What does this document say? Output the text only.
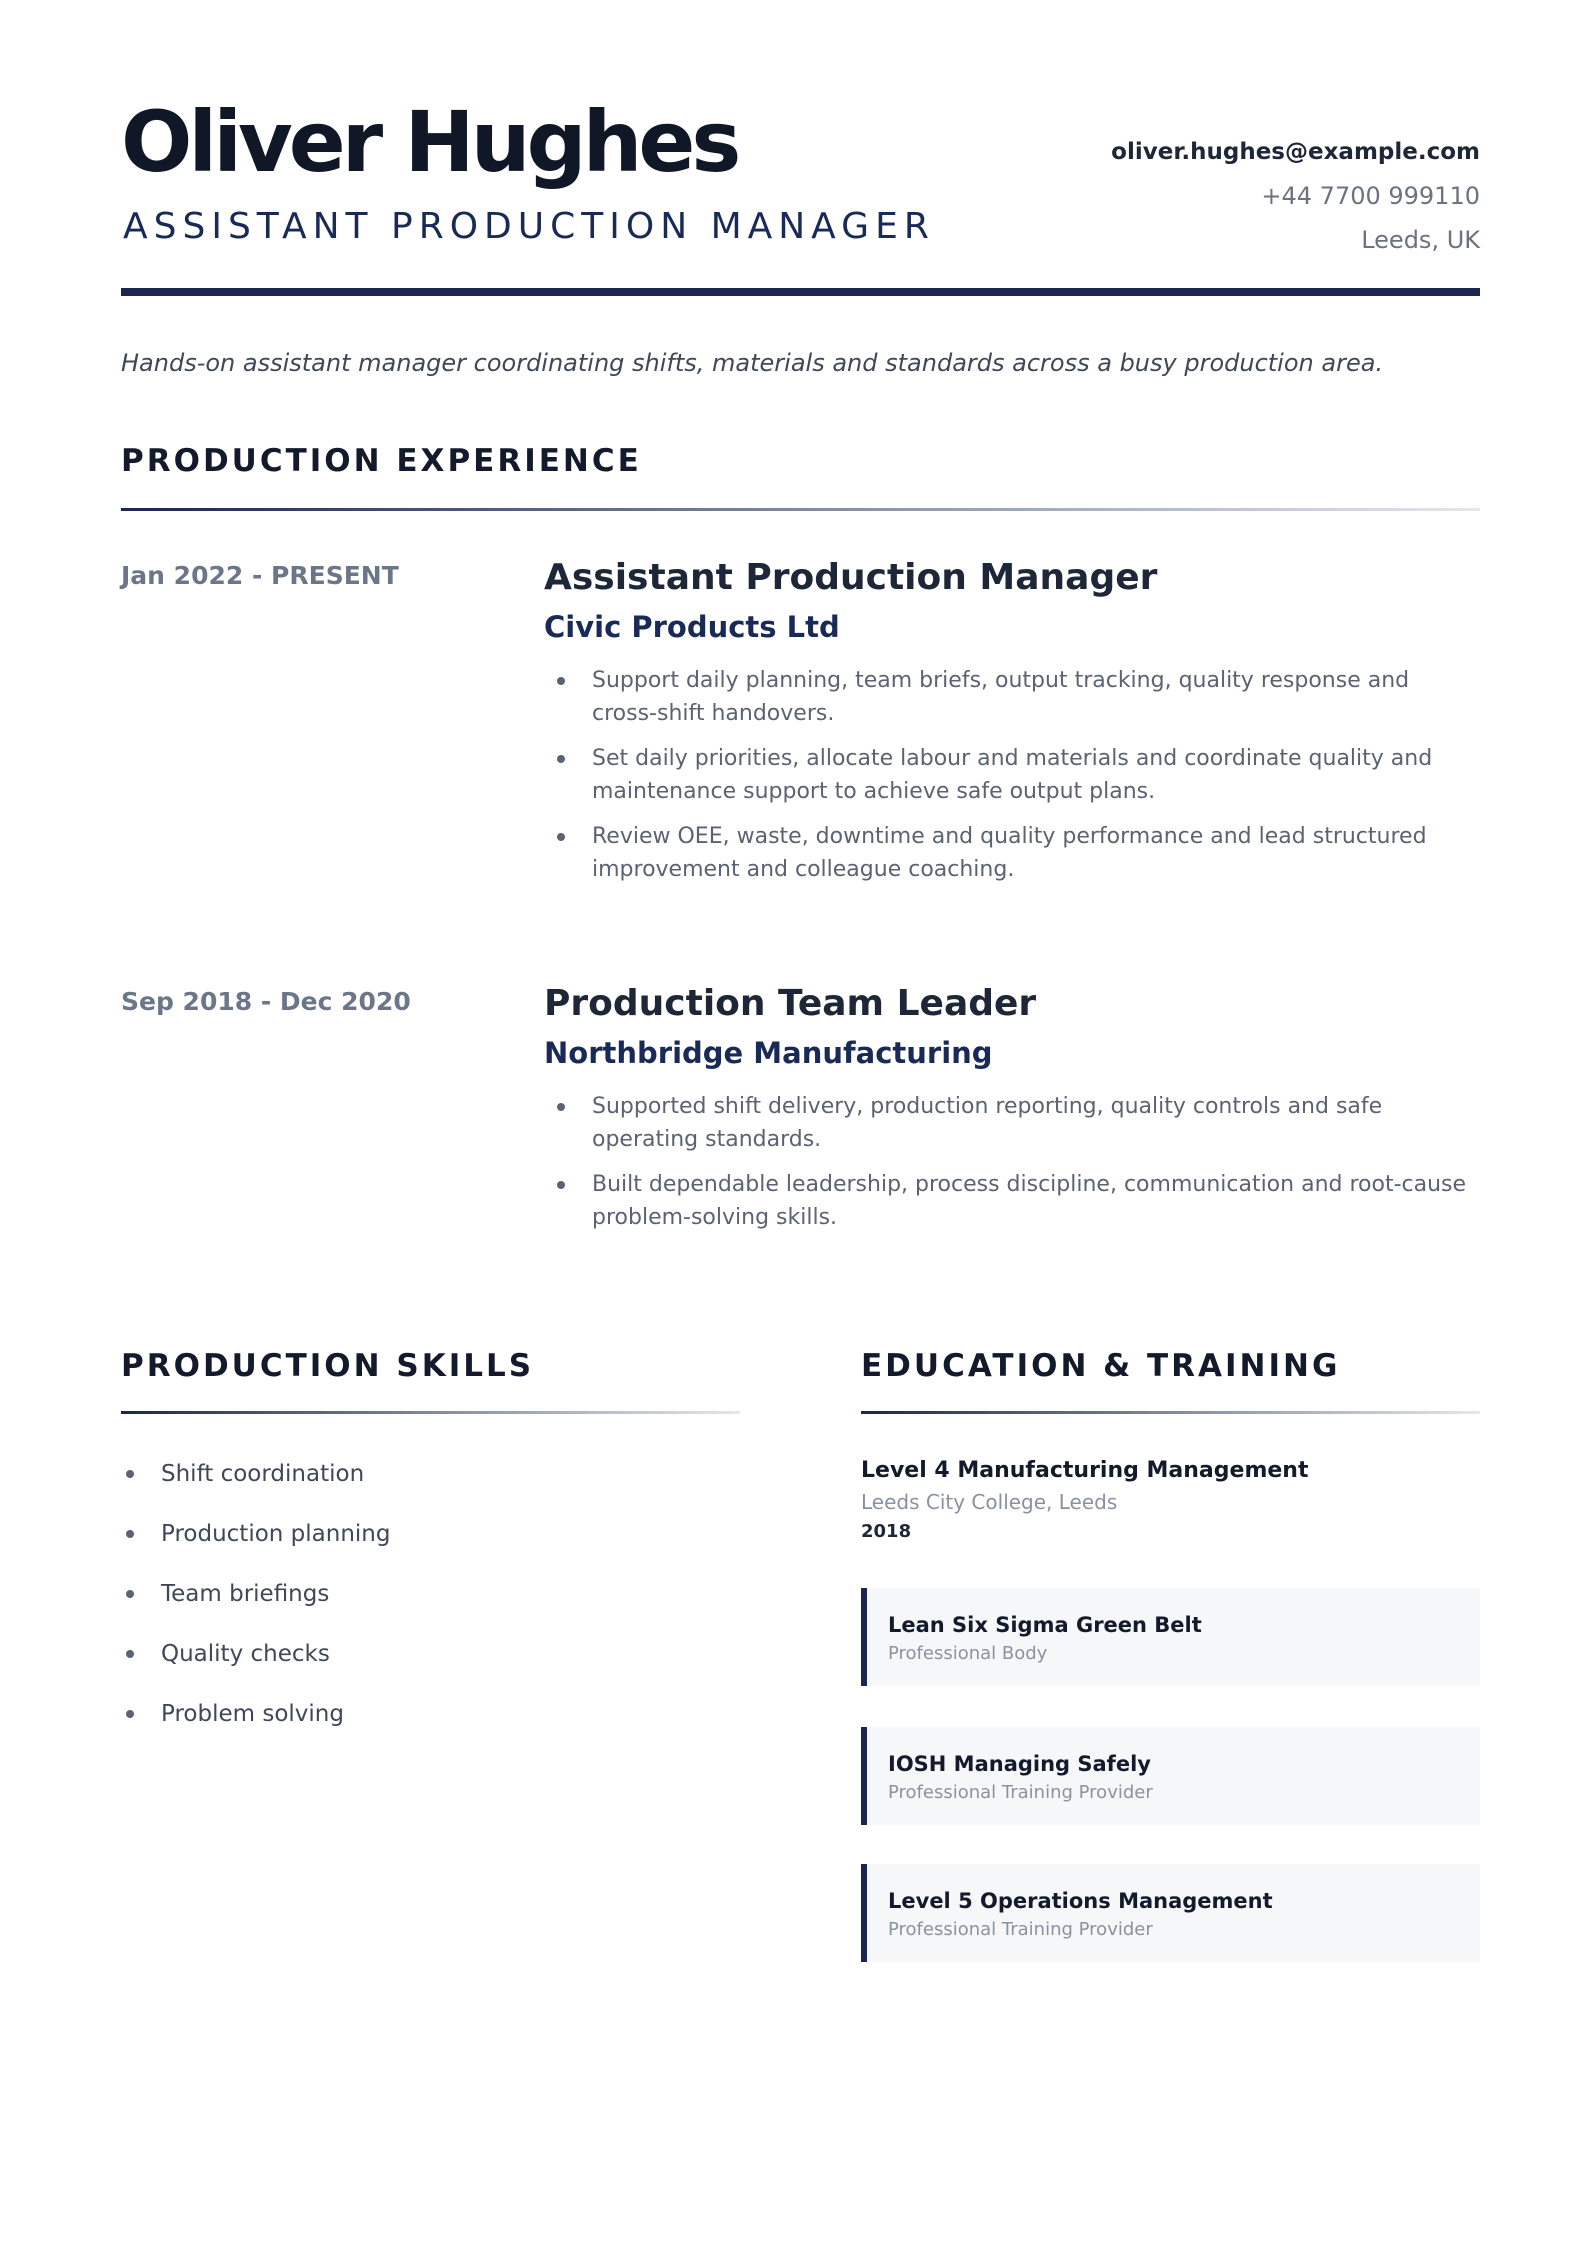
Oliver Hughes
ASSISTANT PRODUCTION MANAGER
oliver.hughes@example.com
+44 7700 999110
Leeds, UK
Hands-on assistant manager coordinating shifts, materials and standards across a busy production area.
PRODUCTION EXPERIENCE
Jan 2022 - PRESENT	Assistant Production Manager
Civic Products Ltd
Support daily planning, team briefs, output tracking, quality response and cross-shift handovers.
Set daily priorities, allocate labour and materials and coordinate quality and maintenance support to achieve safe output plans.
Review OEE, waste, downtime and quality performance and lead structured improvement and colleague coaching.
Sep 2018 - Dec 2020	Production Team Leader
Northbridge Manufacturing
Supported shift delivery, production reporting, quality controls and safe operating standards.
Built dependable leadership, process discipline, communication and root-cause problem-solving skills.
PRODUCTION SKILLS
Shift coordination
Production planning
Team briefings
Quality checks
Problem solving
EDUCATION & TRAINING
Level 4 Manufacturing Management
Leeds City College, Leeds
2018
Lean Six Sigma Green Belt
Professional Body
IOSH Managing Safely
Professional Training Provider
Level 5 Operations Management
Professional Training Provider
